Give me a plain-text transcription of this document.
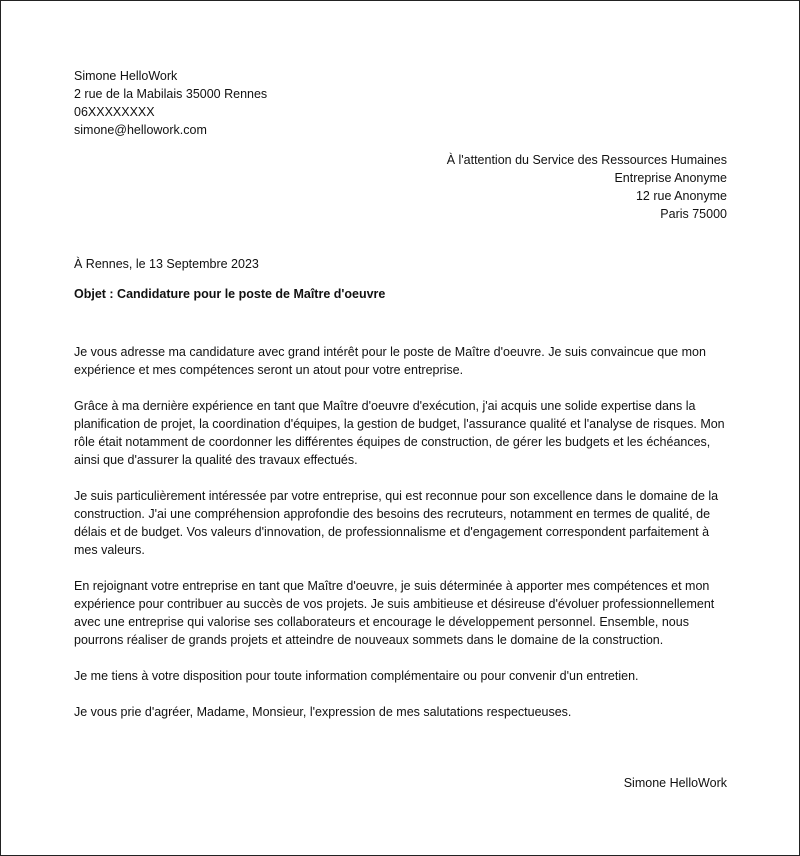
Simone HelloWork
2 rue de la Mabilais 35000 Rennes
06XXXXXXXX
simone@hellowork.com
À l'attention du Service des Ressources Humaines
Entreprise Anonyme
12 rue Anonyme
Paris 75000
À Rennes, le 13 Septembre 2023
Objet : Candidature pour le poste de Maître d'oeuvre

Je vous adresse ma candidature avec grand intérêt pour le poste de Maître d'oeuvre. Je suis convaincue que mon expérience et mes compétences seront un atout pour votre entreprise.

Grâce à ma dernière expérience en tant que Maître d'oeuvre d'exécution, j'ai acquis une solide expertise dans la planification de projet, la coordination d'équipes, la gestion de budget, l'assurance qualité et l'analyse de risques. Mon rôle était notamment de coordonner les différentes équipes de construction, de gérer les budgets et les échéances, ainsi que d'assurer la qualité des travaux effectués.

Je suis particulièrement intéressée par votre entreprise, qui est reconnue pour son excellence dans le domaine de la construction. J'ai une compréhension approfondie des besoins des recruteurs, notamment en termes de qualité, de délais et de budget. Vos valeurs d'innovation, de professionnalisme et d'engagement correspondent parfaitement à mes valeurs.

En rejoignant votre entreprise en tant que Maître d'oeuvre, je suis déterminée à apporter mes compétences et mon expérience pour contribuer au succès de vos projets. Je suis ambitieuse et désireuse d'évoluer professionnellement avec une entreprise qui valorise ses collaborateurs et encourage le développement personnel. Ensemble, nous pourrons réaliser de grands projets et atteindre de nouveaux sommets dans le domaine de la construction.

Je me tiens à votre disposition pour toute information complémentaire ou pour convenir d'un entretien.

Je vous prie d'agréer, Madame, Monsieur, l'expression de mes salutations respectueuses.

Simone HelloWork
